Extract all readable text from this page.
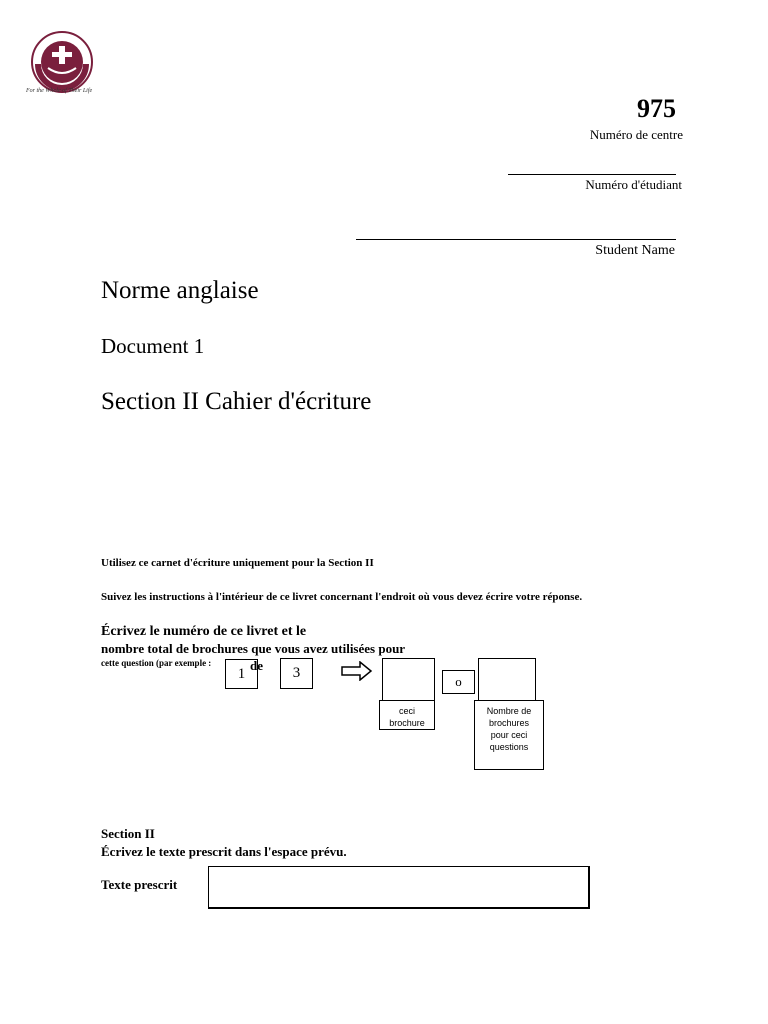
For the Whole of Their Life
975
Numéro de centre
Numéro d'étudiant
Student Name
Norme anglaise
Document 1
Section II Cahier d'écriture
Utilisez ce carnet d'écriture uniquement pour la Section II
Suivez les instructions à l'intérieur de ce livret concernant l'endroit où vous devez écrire votre réponse.
Écrivez le numéro de ce livret et le
nombre total de brochures que vous avez utilisées pour
cette question (par exemple :
1 de 3
ceci brochure
o
Nombre de brochures pour ceci questions
Section II
Écrivez le texte prescrit dans l'espace prévu.
Texte prescrit
